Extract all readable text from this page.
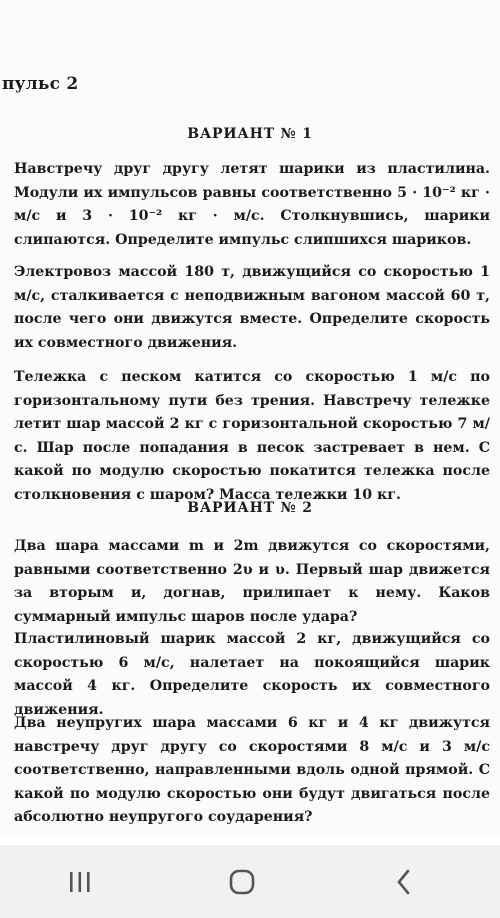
пульс 2
ВАРИАНТ № 1
Навстречу друг другу летят шарики из пластилина. Модули их импульсов равны соответственно 5 · 10⁻² кг · м/с и 3 · 10⁻² кг · м/с. Столкнувшись, шарики слипаются. Определите импульс слипшихся шариков.
Электровоз массой 180 т, движущийся со скоростью 1 м/с, сталкивается с неподвижным вагоном массой 60 т, после чего они движутся вместе. Определите скорость их совместного движения.
Тележка с песком катится со скоростью 1 м/с по горизонтальному пути без трения. Навстречу тележке летит шар массой 2 кг с горизонтальной скоростью 7 м/с. Шар после попадания в песок застревает в нем. С какой по модулю скоростью покатится тележка после столкновения с шаром? Масса тележки 10 кг.
ВАРИАНТ № 2
Два шара массами m и 2m движутся со скоростями, равными соответственно 2υ и υ. Первый шар движется за вторым и, догнав, прилипает к нему. Каков суммарный импульс шаров после удара?
Пластилиновый шарик массой 2 кг, движущийся со скоростью 6 м/с, налетает на покоящийся шарик массой 4 кг. Определите скорость их совместного движения.
Два неупругих шара массами 6 кг и 4 кг движутся навстречу друг другу со скоростями 8 м/с и 3 м/с соответственно, направленными вдоль одной прямой. С какой по модулю скоростью они будут двигаться после абсолютно неупругого соударения?
